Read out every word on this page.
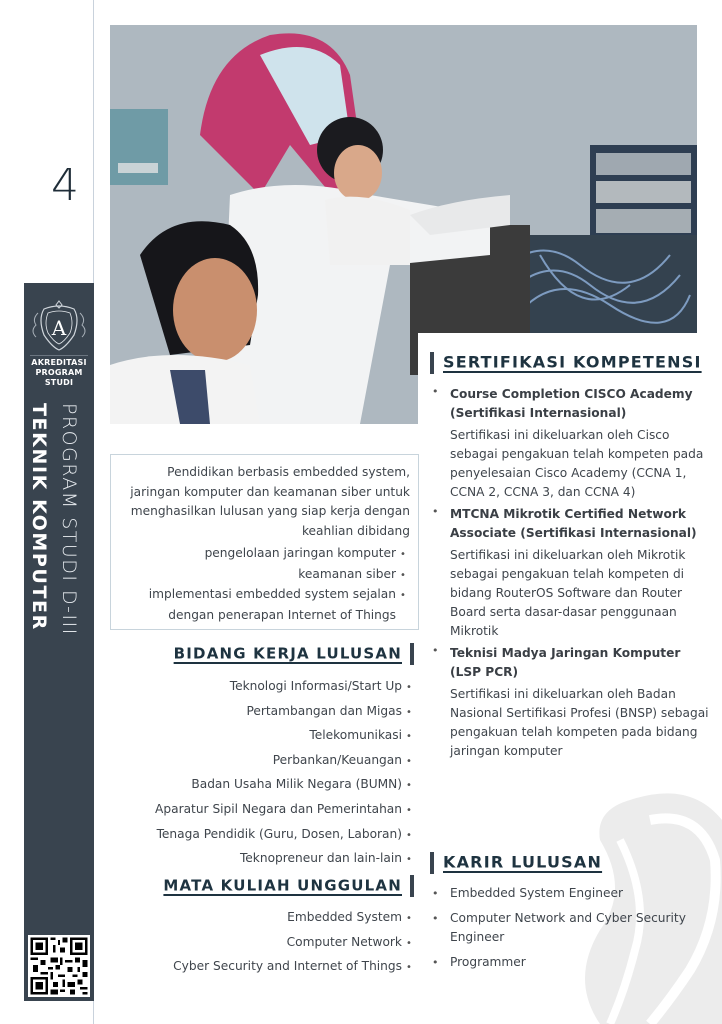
4
A
AKREDITASI PROGRAM STUDI
TEKNIK KOMPUTER PROGRAM STUDI D-III	Pendidikan berbasis embedded system, jaringan komputer dan keamanan siber untuk menghasilkan lulusan yang siap kerja dengan keahlian dibidang
pengelolaan jaringan komputer •
keamanan siber •
implementasi embedded system sejalan •
dengan penerapan Internet of Things
BIDANG KERJA LULUSAN
Teknologi Informasi/Start Up •
Pertambangan dan Migas •
Telekomunikasi •
Perbankan/Keuangan •
Badan Usaha Milik Negara (BUMN) •
Aparatur Sipil Negara dan Pemerintahan •
Tenaga Pendidik (Guru, Dosen, Laboran) •
Teknopreneur dan lain-lain •
MATA KULIAH UNGGULAN
Embedded System •
Computer Network •
Cyber Security and Internet of Things •
SERTIFIKASI KOMPETENSI
• Course Completion CISCO Academy (Sertifikasi Internasional)
Sertifikasi ini dikeluarkan oleh Cisco sebagai pengakuan telah kompeten pada penyelesaian Cisco Academy (CCNA 1, CCNA 2, CCNA 3, dan CCNA 4)
• MTCNA Mikrotik Certified Network Associate (Sertifikasi Internasional)
Sertifikasi ini dikeluarkan oleh Mikrotik sebagai pengakuan telah kompeten di bidang RouterOS Software dan Router Board serta dasar-dasar penggunaan Mikrotik
• Teknisi Madya Jaringan Komputer (LSP PCR)
Sertifikasi ini dikeluarkan oleh Badan Nasional Sertifikasi Profesi (BNSP) sebagai pengakuan telah kompeten pada bidang jaringan komputer
KARIR LULUSAN
• Embedded System Engineer
• Computer Network and Cyber Security Engineer
• Programmer
